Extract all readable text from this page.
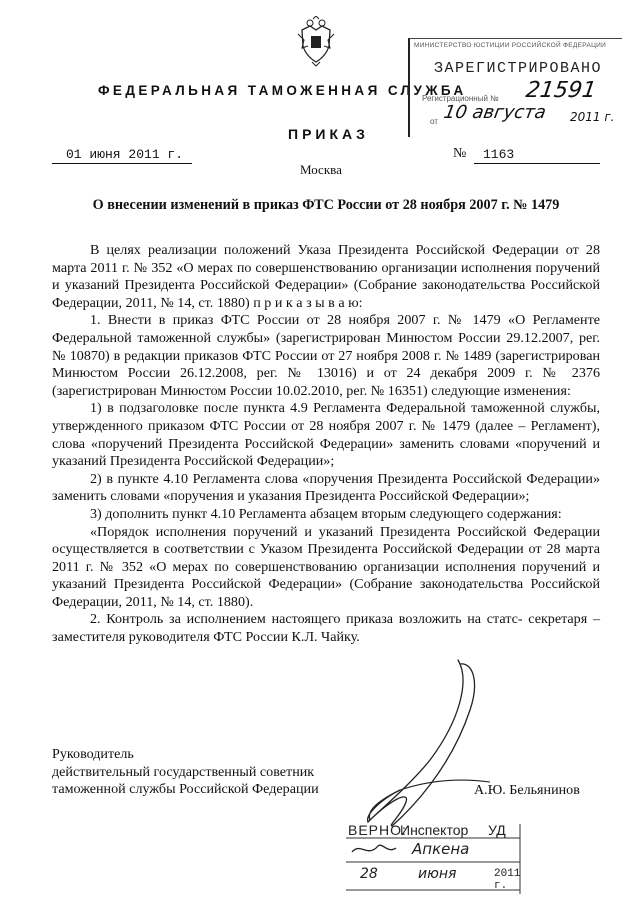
ФЕДЕРАЛЬНАЯ ТАМОЖЕННАЯ СЛУЖБА
ПРИКАЗ
01 июня 2011 г.
Москва
№ 1163
МИНИСТЕРСТВО ЮСТИЦИИ РОССИЙСКОЙ ФЕДЕРАЦИИ
ЗАРЕГИСТРИРОВАНО
Регистрационный № 21591
от 10 августа 2011 г.
О внесении изменений в приказ ФТС России от 28 ноября 2007 г. № 1479

В целях реализации положений Указа Президента Российской Федерации от 28 марта 2011 г. № 352 «О мерах по совершенствованию организации исполнения поручений и указаний Президента Российской Федерации» (Собрание законодательства Российской Федерации, 2011, № 14, ст. 1880) п р и к а з ы в а ю:

1. Внести в приказ ФТС России от 28 ноября 2007 г. № 1479 «О Регламенте Федеральной таможенной службы» (зарегистрирован Минюстом России 29.12.2007, рег. № 10870) в редакции приказов ФТС России от 27 ноября 2008 г. № 1489 (зарегистрирован Минюстом России 26.12.2008, рег. № 13016) и от 24 декабря 2009 г. № 2376 (зарегистрирован Минюстом России 10.02.2010, рег. № 16351) следующие изменения:

1) в подзаголовке после пункта 4.9 Регламента Федеральной таможенной службы, утвержденного приказом ФТС России от 28 ноября 2007 г. № 1479 (далее – Регламент), слова «поручений Президента Российской Федерации» заменить словами «поручений и указаний Президента Российской Федерации»;

2) в пункте 4.10 Регламента слова «поручения Президента Российской Федерации» заменить словами «поручения и указания Президента Российской Федерации»;

3) дополнить пункт 4.10 Регламента абзацем вторым следующего содержания:

«Порядок исполнения поручений и указаний Президента Российской Федерации осуществляется в соответствии с Указом Президента Российской Федерации от 28 марта 2011 г. № 352 «О мерах по совершенствованию организации исполнения поручений и указаний Президента Российской Федерации» (Собрание законодательства Российской Федерации, 2011, № 14, ст. 1880).

2. Контроль за исполнением настоящего приказа возложить на статс- секретаря – заместителя руководителя ФТС России К.Л. Чайку.

Руководитель
действительный государственный советник
таможенной службы Российской Федерации	А.Ю. Бельянинов
ВЕРНО:
Инспектор УД
Апкена
28	июня	2011 г.
